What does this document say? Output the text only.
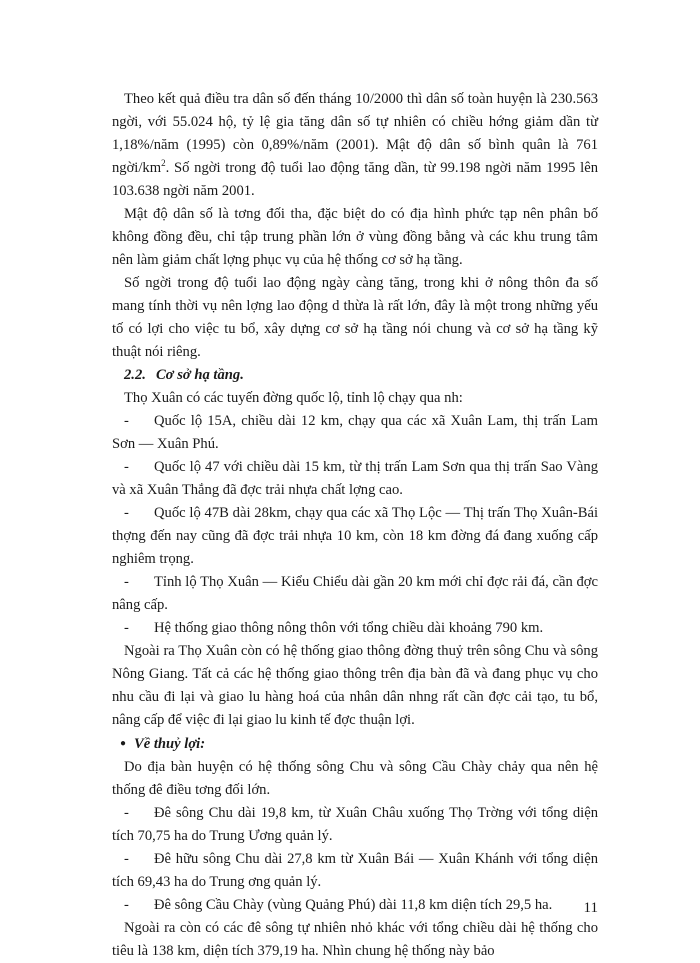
Theo kết quả điều tra dân số đến tháng 10/2000 thì dân số toàn huyện là 230.563 ngời, với 55.024 hộ, tỷ lệ gia tăng dân số tự nhiên có chiều hớng giảm dần từ 1,18%/năm (1995) còn 0,89%/năm (2001). Mật độ dân số bình quân là 761 ngời/$km^2$. Số ngời trong độ tuổi lao động tăng dần, từ 99.198 ngời năm 1995 lên 103.638 ngời năm 2001.

Mật độ dân số là tơng đối tha, đặc biệt do có địa hình phức tạp nên phân bố không đồng đều, chỉ tập trung phần lớn ở vùng đồng bằng và các khu trung tâm nên làm giảm chất lợng phục vụ của hệ thống cơ sở hạ tầng.

Số ngời trong độ tuổi lao động ngày càng tăng, trong khi ở nông thôn đa số mang tính thời vụ nên lợng lao động d thừa là rất lớn, đây là một trong những yếu tố có lợi cho việc tu bổ, xây dựng cơ sở hạ tầng nói chung và cơ sở hạ tầng kỹ thuật nói riêng.

2.2. Cơ sở hạ tầng.

Thọ Xuân có các tuyến đờng quốc lộ, tỉnh lộ chạy qua nh:

- Quốc lộ 15A, chiều dài 12 km, chạy qua các xã Xuân Lam, thị trấn Lam Sơn — Xuân Phú.

- Quốc lộ 47 với chiều dài 15 km, từ thị trấn Lam Sơn qua thị trấn Sao Vàng và xã Xuân Thắng đã đợc trải nhựa chất lợng cao.

- Quốc lộ 47B dài 28km, chạy qua các xã Thọ Lộc — Thị trấn Thọ Xuân-Bái thợng đến nay cũng đã đợc trải nhựa 10 km, còn 18 km đờng đá đang xuống cấp nghiêm trọng.

- Tỉnh lộ Thọ Xuân — Kiểu Chiểu dài gần 20 km mới chỉ đợc rải đá, cần đợc nâng cấp.

- Hệ thống giao thông nông thôn với tổng chiều dài khoảng 790 km.

Ngoài ra Thọ Xuân còn có hệ thống giao thông đờng thuỷ trên sông Chu và sông Nông Giang. Tất cả các hệ thống giao thông trên địa bàn đã và đang phục vụ cho nhu cầu đi lại và giao lu hàng hoá của nhân dân nhng rất cần đợc cải tạo, tu bổ, nâng cấp để việc đi lại giao lu kinh tế đợc thuận lợi.

● Về thuỷ lợi:

Do địa bàn huyện có hệ thống sông Chu và sông Cầu Chày chảy qua nên hệ thống đê điều tơng đối lớn.

- Đê sông Chu dài 19,8 km, từ Xuân Châu xuống Thọ Trờng với tổng diện tích 70,75 ha do Trung Ương quản lý.

- Đê hữu sông Chu dài 27,8 km từ Xuân Bái — Xuân Khánh với tổng diện tích 69,43 ha do Trung ơng quản lý.

- Đê sông Cầu Chày (vùng Quảng Phú) dài 11,8 km diện tích 29,5 ha.

Ngoài ra còn có các đê sông tự nhiên nhỏ khác với tổng chiều dài hệ thống cho tiêu là 138 km, diện tích 379,19 ha. Nhìn chung hệ thống này bảo

11
